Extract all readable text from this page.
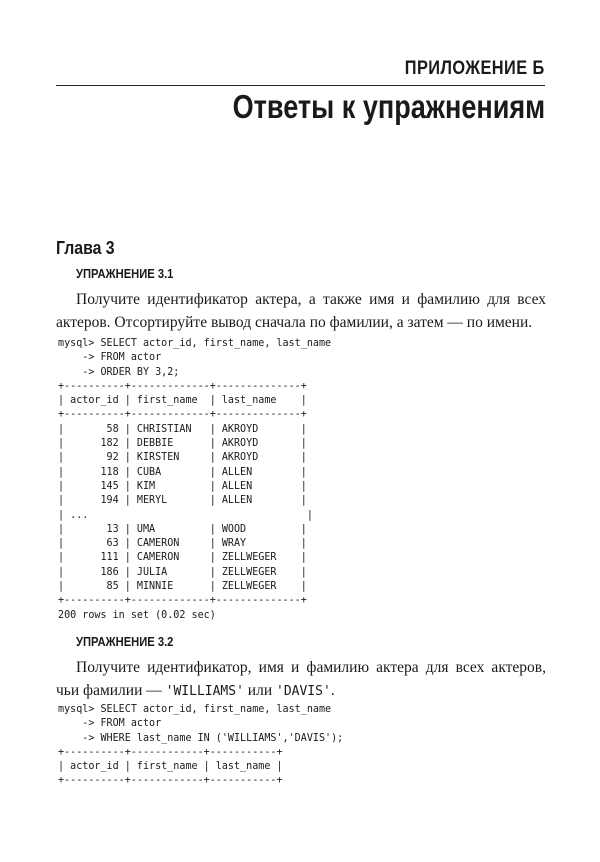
ПРИЛОЖЕНИЕ Б
Ответы к упражнениям
Глава 3
УПРАЖНЕНИЕ 3.1

Получите идентификатор актера, а также имя и фамилию для всех актеров. Отсортируйте вывод сначала по фамилии, а затем — по имени.

mysql> SELECT actor_id, first_name, last_name
-> FROM actor
-> ORDER BY 3,2;
+----------+-------------+--------------+
| actor_id | first_name  | last_name    |
+----------+-------------+--------------+
|       58 | CHRISTIAN   | AKROYD       |
|      182 | DEBBIE      | AKROYD       |
|       92 | KIRSTEN     | AKROYD       |
|      118 | CUBA        | ALLEN        |
|      145 | KIM         | ALLEN        |
|      194 | MERYL       | ALLEN        |
| ...                                    |
|       13 | UMA         | WOOD         |
|       63 | CAMERON     | WRAY         |
|      111 | CAMERON     | ZELLWEGER    |
|      186 | JULIA       | ZELLWEGER    |
|       85 | MINNIE      | ZELLWEGER    |
+----------+-------------+--------------+
200 rows in set (0.02 sec)
УПРАЖНЕНИЕ 3.2

Получите идентификатор, имя и фамилию актера для всех актеров, чьи фамилии — 'WILLIAMS' или 'DAVIS'.

mysql> SELECT actor_id, first_name, last_name
-> FROM actor
-> WHERE last_name IN ('WILLIAMS','DAVIS');
+----------+------------+-----------+
| actor_id | first_name | last_name |
+----------+------------+-----------+
